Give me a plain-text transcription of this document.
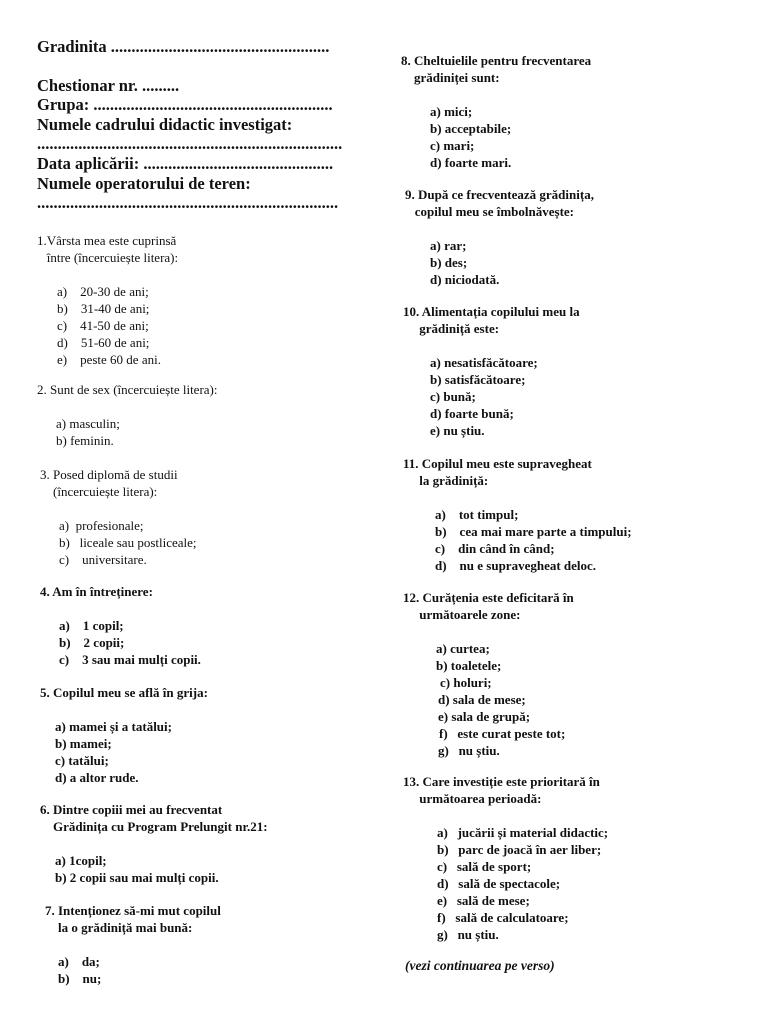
Gradinita .....................................................
Chestionar nr. .........
Grupa: ..........................................................
Numele cadrului didactic investigat:
..........................................................................
Data aplicării: ..............................................
Numele operatorului de teren:
.........................................................................
1.Vârsta mea este cuprinsă
între (încercuiește litera):
a)    20-30 de ani;
b)    31-40 de ani;
c)    41-50 de ani;
d)    51-60 de ani;
e)    peste 60 de ani.
2. Sunt de sex (încercuiește litera):
a) masculin;
b) feminin.
3. Posed diplomă de studii
(încercuiește litera):
a)  profesionale;
b)   liceale sau postliceale;
c)    universitare.
4. Am în întreținere:
a)    1 copil;
b)    2 copii;
c)    3 sau mai mulți copii.
5. Copilul meu se află în grija:
a) mamei și a tatălui;
b) mamei;
c) tatălui;
d) a altor rude.
6. Dintre copiii mei au frecventat
Grădinița cu Program Prelungit nr.21:
a) 1copil;
b) 2 copii sau mai mulți copii.
7. Intenționez să-mi mut copilul
la o grădiniță mai bună:
a)    da;
b)    nu;
8. Cheltuielile pentru frecventarea
grădiniței sunt:
a) mici;
b) acceptabile;
c) mari;
d) foarte mari.
9. După ce frecventează grădinița,
copilul meu se îmbolnăvește:
a) rar;
b) des;
d) niciodată.
10. Alimentația copilului meu la
grădiniță este:
a) nesatisfăcătoare;
b) satisfăcătoare;
c) bună;
d) foarte bună;
e) nu știu.
11. Copilul meu este supravegheat
la grădiniță:
a)    tot timpul;
b)    cea mai mare parte a timpului;
c)    din când în când;
d)    nu e supravegheat deloc.
12. Curățenia este deficitară în
următoarele zone:
a) curtea;
b) toaletele;
c) holuri;
d) sala de mese;
e) sala de grupă;
f)   este curat peste tot;
g)   nu știu.
13. Care investiție este prioritară în
următoarea perioadă:
a)   jucării și material didactic;
b)   parc de joacă în aer liber;
c)   sală de sport;
d)   sală de spectacole;
e)   sală de mese;
f)   sală de calculatoare;
g)   nu știu.
(vezi continuarea pe verso)
